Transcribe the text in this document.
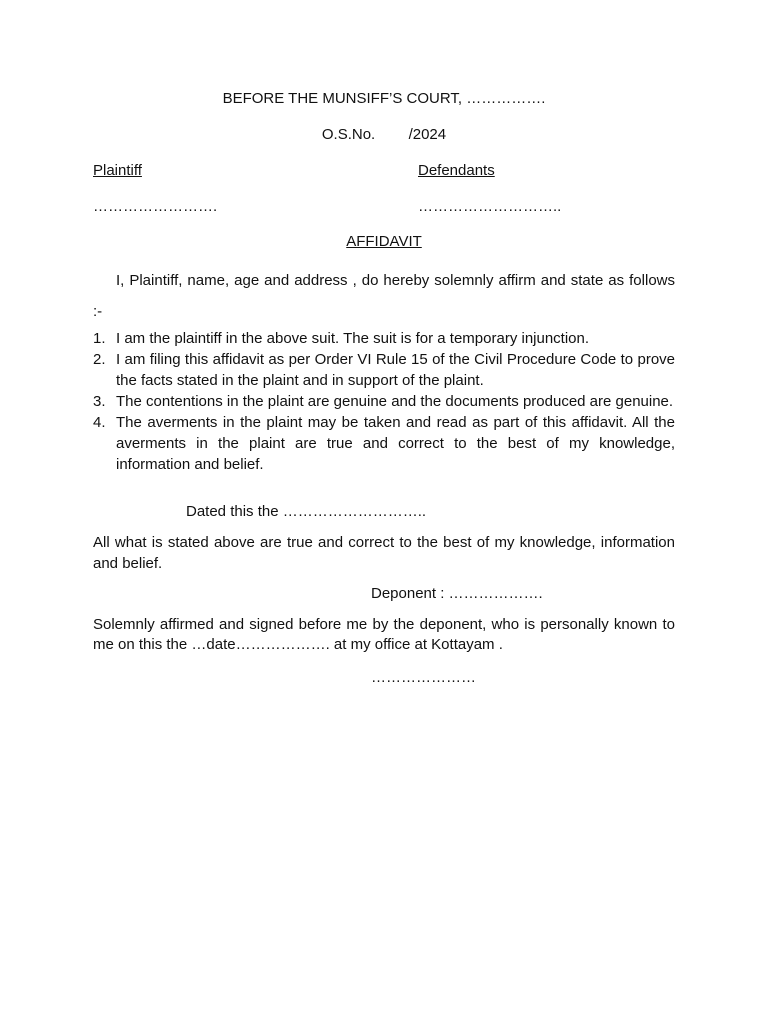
BEFORE THE MUNSIFF’S COURT, …………….
O.S.No.        /2024
Plaintiff	Defendants
…………………….	………………………..
AFFIDAVIT
I, Plaintiff, name, age and address , do hereby solemnly affirm and state as follows :-
1. I am the plaintiff in the above suit. The suit is for a temporary injunction.
2. I am filing this affidavit as per Order VI Rule 15 of the Civil Procedure Code to prove the facts stated in the plaint and in support of the plaint.
3. The contentions in the plaint are genuine and the documents produced are genuine.
4. The averments in the plaint may be taken and read as part of this affidavit. All the averments in the plaint are true and correct to the best of my knowledge, information and belief.
Dated this the ………………………..
All what is stated above are true and correct to the best of my knowledge, information and belief.
Deponent : ……………….
Solemnly affirmed and signed before me by the deponent, who is personally known to me on this the …date………………. at my office at Kottayam .
…………………
